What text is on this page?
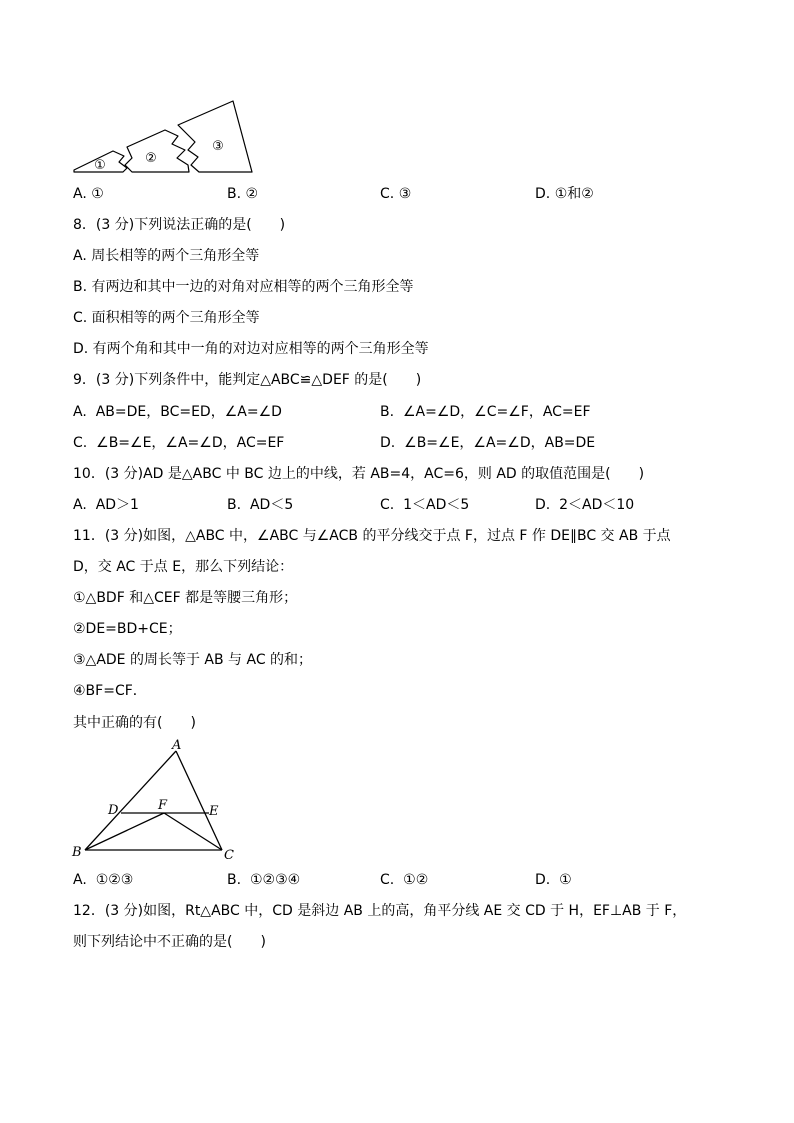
①	②
③
A. ①	B. ②	C. ③	D. ①和②
8．(3 分)下列说法正确的是(　　)
A. 周长相等的两个三角形全等
B. 有两边和其中一边的对角对应相等的两个三角形全等
C. 面积相等的两个三角形全等
D. 有两个角和其中一角的对边对应相等的两个三角形全等
9．(3 分)下列条件中，能判定△ABC≌△DEF 的是(　　)
A. AB=DE，BC=ED，∠A=∠D	B. ∠A=∠D，∠C=∠F，AC=EF
C. ∠B=∠E，∠A=∠D，AC=EF	D. ∠B=∠E，∠A=∠D，AB=DE
10．(3 分)AD 是△ABC 中 BC 边上的中线，若 AB=4，AC=6，则 AD 的取值范围是(　　)
A. AD＞1	B. AD＜5	C. 1＜AD＜5	D. 2＜AD＜10
11．(3 分)如图，△ABC 中，∠ABC 与∠ACB 的平分线交于点 F，过点 F 作 DE∥BC 交 AB 于点
D，交 AC 于点 E，那么下列结论：
①△BDF 和△CEF 都是等腰三角形；
②DE=BD+CE；
③△ADE 的周长等于 AB 与 AC 的和；
④BF=CF．
其中正确的有(　　)
A
B	C
D	E
F
A. ①②③	B. ①②③④	C. ①②	D. ①
12．(3 分)如图，Rt△ABC 中，CD 是斜边 AB 上的高，角平分线 AE 交 CD 于 H，EF⊥AB 于 F，
则下列结论中不正确的是(　　)
